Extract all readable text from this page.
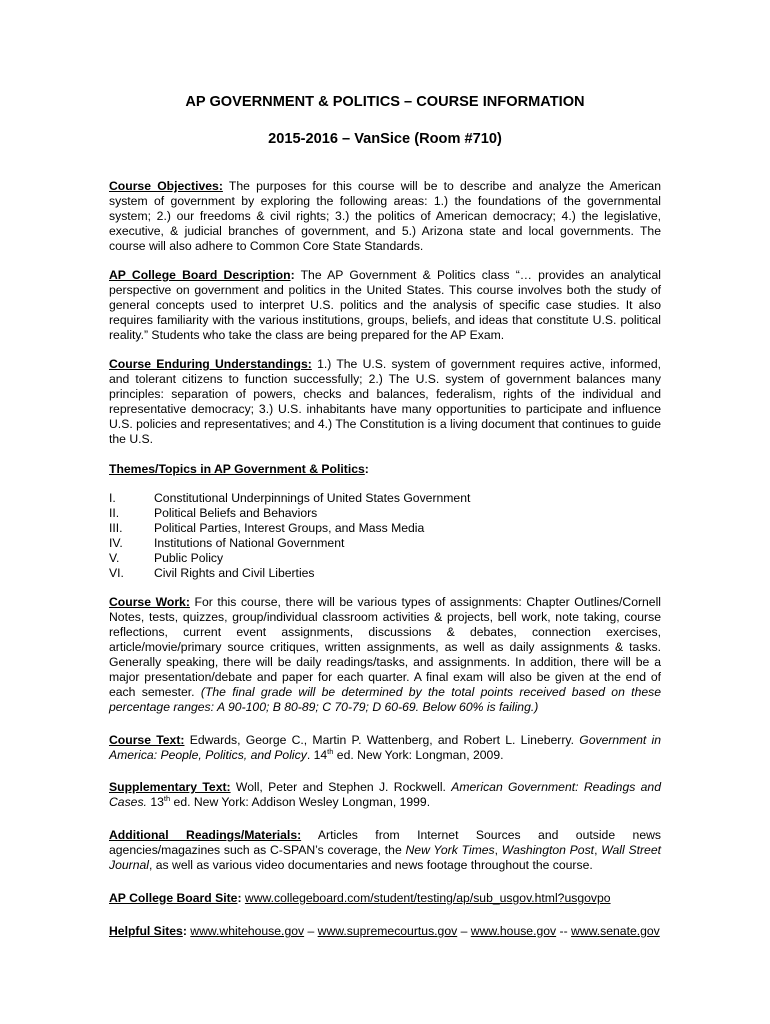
AP GOVERNMENT & POLITICS – COURSE INFORMATION
2015-2016 – VanSice (Room #710)

Course Objectives: The purposes for this course will be to describe and analyze the American system of government by exploring the following areas: 1.) the foundations of the governmental system; 2.) our freedoms & civil rights; 3.) the politics of American democracy; 4.) the legislative, executive, & judicial branches of government, and 5.) Arizona state and local governments. The course will also adhere to Common Core State Standards.

AP College Board Description: The AP Government & Politics class “… provides an analytical perspective on government and politics in the United States. This course involves both the study of general concepts used to interpret U.S. politics and the analysis of specific case studies. It also requires familiarity with the various institutions, groups, beliefs, and ideas that constitute U.S. political reality.” Students who take the class are being prepared for the AP Exam.

Course Enduring Understandings: 1.) The U.S. system of government requires active, informed, and tolerant citizens to function successfully; 2.) The U.S. system of government balances many principles: separation of powers, checks and balances, federalism, rights of the individual and representative democracy; 3.) U.S. inhabitants have many opportunities to participate and influence U.S. policies and representatives; and 4.) The Constitution is a living document that continues to guide the U.S.

Themes/Topics in AP Government & Politics:

I.	Constitutional Underpinnings of United States Government
II.	Political Beliefs and Behaviors
III.	Political Parties, Interest Groups, and Mass Media
IV.	Institutions of National Government
V.	Public Policy
VI.	Civil Rights and Civil Liberties

Course Work: For this course, there will be various types of assignments: Chapter Outlines/Cornell Notes, tests, quizzes, group/individual classroom activities & projects, bell work, note taking, course reflections, current event assignments, discussions & debates, connection exercises, article/movie/primary source critiques, written assignments, as well as daily assignments & tasks. Generally speaking, there will be daily readings/tasks, and assignments. In addition, there will be a major presentation/debate and paper for each quarter. A final exam will also be given at the end of each semester. (The final grade will be determined by the total points received based on these percentage ranges: A 90-100; B 80-89; C 70-79; D 60-69. Below 60% is failing.)

Course Text: Edwards, George C., Martin P. Wattenberg, and Robert L. Lineberry. Government in America: People, Politics, and Policy. 14th ed. New York: Longman, 2009.

Supplementary Text: Woll, Peter and Stephen J. Rockwell. American Government: Readings and Cases. 13th ed. New York: Addison Wesley Longman, 1999.

Additional Readings/Materials: Articles from Internet Sources and outside news agencies/magazines such as C-SPAN’s coverage, the New York Times, Washington Post, Wall Street Journal, as well as various video documentaries and news footage throughout the course.

AP College Board Site: www.collegeboard.com/student/testing/ap/sub_usgov.html?usgovpo

Helpful Sites: www.whitehouse.gov – www.supremecourtus.gov – www.house.gov -- www.senate.gov
